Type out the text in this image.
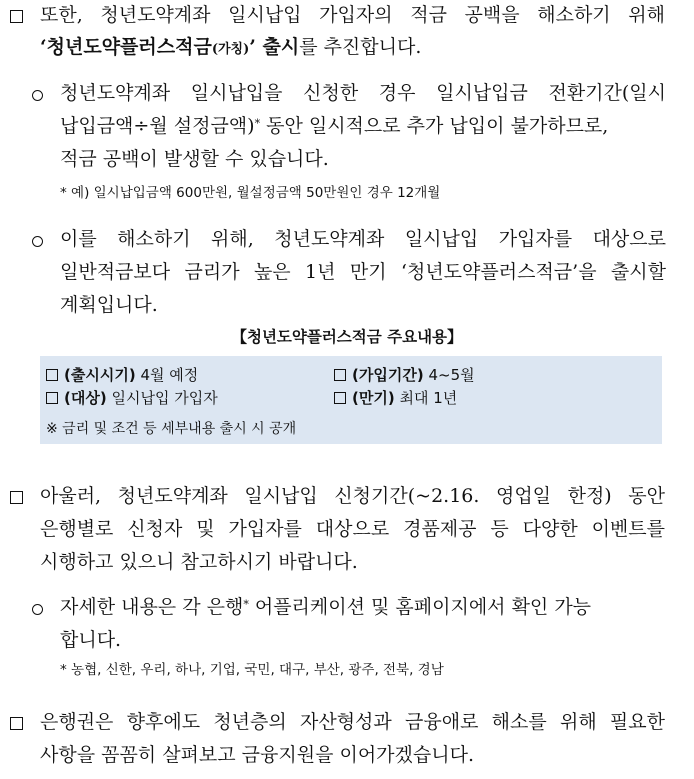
또한, 청년도약계좌 일시납입 가입자의 적금 공백을 해소하기 위해
‘청년도약플러스적금(가칭)’ 출시를 추진합니다.
청년도약계좌 일시납입을 신청한 경우 일시납입금 전환기간(일시
납입금액÷월 설정금액)* 동안 일시적으로 추가 납입이 불가하므로,
적금 공백이 발생할 수 있습니다.
* 예) 일시납입금액 600만원, 월설정금액 50만원인 경우 12개월
이를 해소하기 위해, 청년도약계좌 일시납입 가입자를 대상으로
일반적금보다 금리가 높은 1년 만기 ‘청년도약플러스적금’을 출시할
계획입니다.
【청년도약플러스적금 주요내용】
(출시시기) 4월 예정	(가입기간) 4~5월
(대상) 일시납입 가입자	(만기) 최대 1년
※ 금리 및 조건 등 세부내용 출시 시 공개
아울러, 청년도약계좌 일시납입 신청기간(~2.16. 영업일 한정) 동안
은행별로 신청자 및 가입자를 대상으로 경품제공 등 다양한 이벤트를
시행하고 있으니 참고하시기 바랍니다.
자세한 내용은 각 은행* 어플리케이션 및 홈페이지에서 확인 가능
합니다.
* 농협, 신한, 우리, 하나, 기업, 국민, 대구, 부산, 광주, 전북, 경남
은행권은 향후에도 청년층의 자산형성과 금융애로 해소를 위해 필요한
사항을 꼼꼼히 살펴보고 금융지원을 이어가겠습니다.
